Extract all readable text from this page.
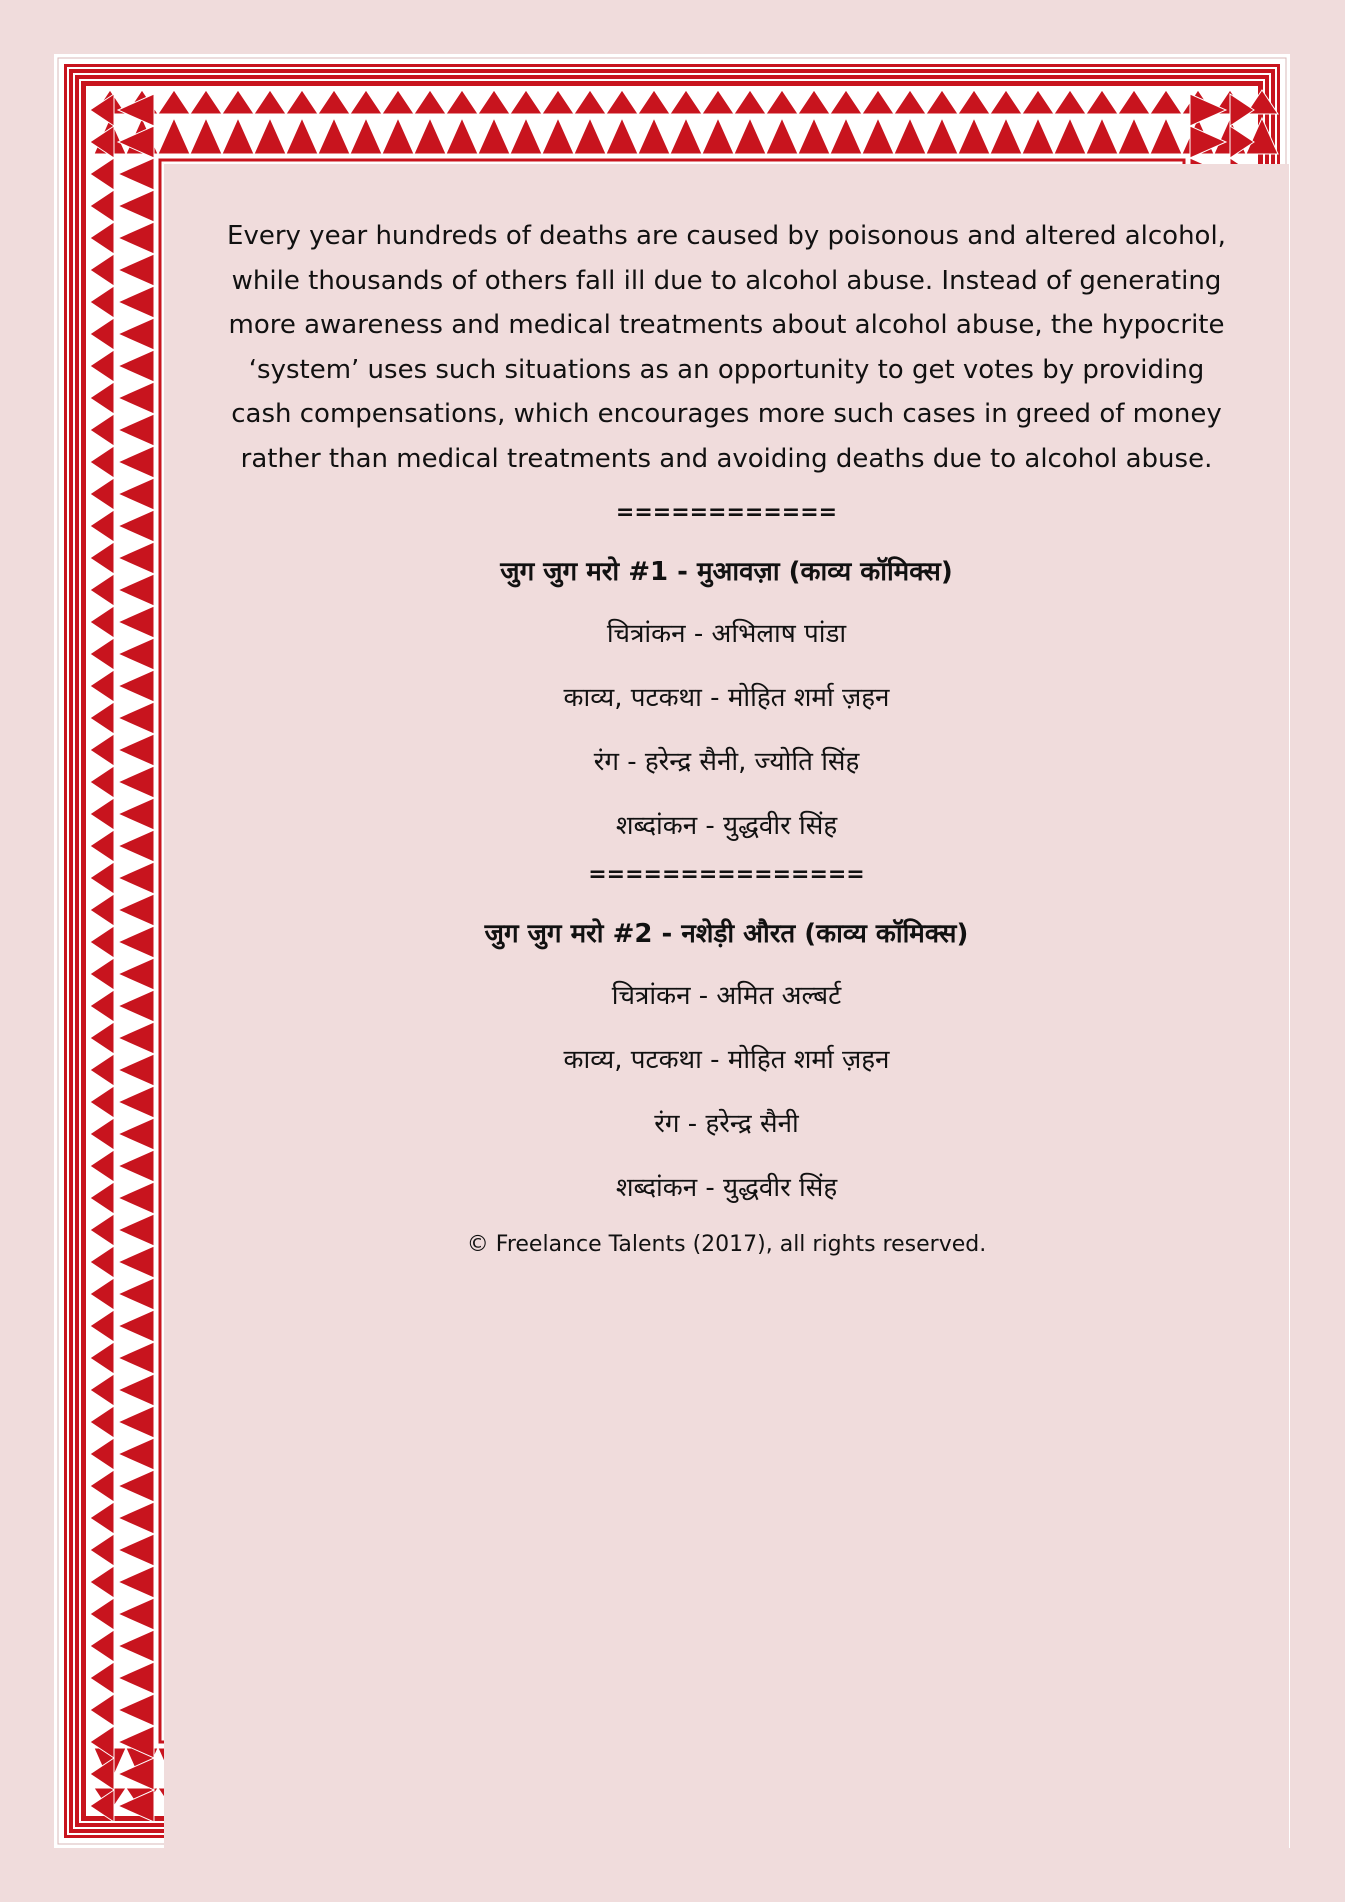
Every year hundreds of deaths are caused by poisonous and altered alcohol, while thousands of others fall ill due to alcohol abuse. Instead of generating more awareness and medical treatments about alcohol abuse, the hypocrite ‘system’ uses such situations as an opportunity to get votes by providing cash compensations, which encourages more such cases in greed of money rather than medical treatments and avoiding deaths due to alcohol abuse.

============
जुग जुग मरो #1 - मुआवज़ा (काव्य कॉमिक्स)
चित्रांकन - अभिलाष पांडा
काव्य, पटकथा - मोहित शर्मा ज़हन
रंग - हरेन्द्र सैनी, ज्योति सिंह
शब्दांकन - युद्धवीर सिंह
===============
जुग जुग मरो #2 - नशेड़ी औरत (काव्य कॉमिक्स)
चित्रांकन - अमित अल्बर्ट
काव्य, पटकथा - मोहित शर्मा ज़हन
रंग - हरेन्द्र सैनी
शब्दांकन - युद्धवीर सिंह
© Freelance Talents (2017), all rights reserved.
